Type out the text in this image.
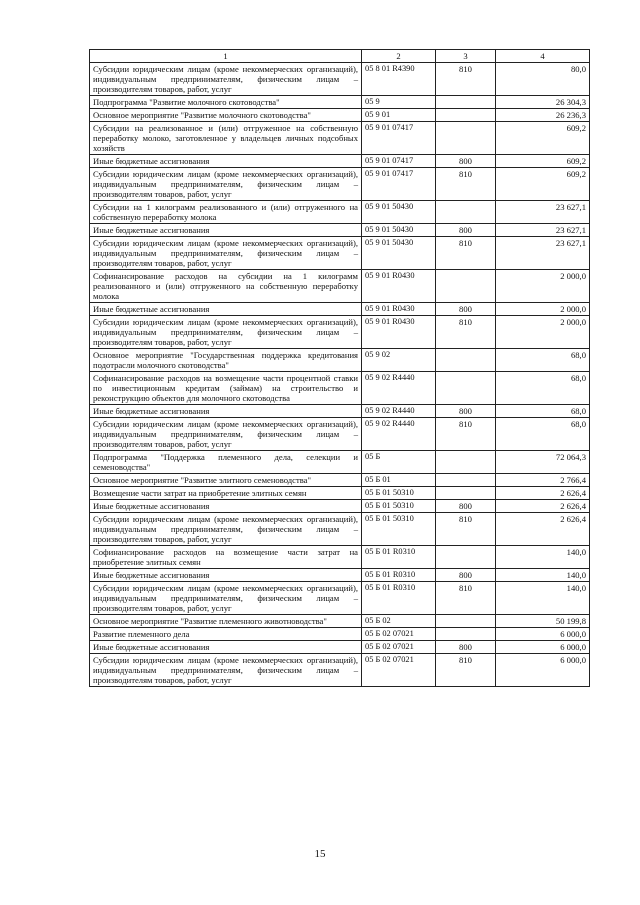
1	2	3	4
Субсидии юридическим лицам (кроме некоммерческих организаций), индивидуальным предпринимателям, физическим лицам – производителям товаров, работ, услуг	05 8 01 R4390	810	80,0
Подпрограмма "Развитие молочного скотоводства"	05 9		26 304,3
Основное мероприятие "Развитие молочного скотоводства"	05 9 01		26 236,3
Субсидии на реализованное и (или) отгруженное на собственную переработку молоко, заготовленное у владельцев личных подсобных хозяйств	05 9 01 07417		609,2
Иные бюджетные ассигнования	05 9 01 07417	800	609,2
Субсидии юридическим лицам (кроме некоммерческих организаций), индивидуальным предпринимателям, физическим лицам – производителям товаров, работ, услуг	05 9 01 07417	810	609,2
Субсидии на 1 килограмм реализованного и (или) отгруженного на собственную переработку молока	05 9 01 50430		23 627,1
Иные бюджетные ассигнования	05 9 01 50430	800	23 627,1
Субсидии юридическим лицам (кроме некоммерческих организаций), индивидуальным предпринимателям, физическим лицам – производителям товаров, работ, услуг	05 9 01 50430	810	23 627,1
Софинансирование расходов на субсидии на 1 килограмм реализованного и (или) отгруженного на собственную переработку молока	05 9 01 R0430		2 000,0
Иные бюджетные ассигнования	05 9 01 R0430	800	2 000,0
Субсидии юридическим лицам (кроме некоммерческих организаций), индивидуальным предпринимателям, физическим лицам – производителям товаров, работ, услуг	05 9 01 R0430	810	2 000,0
Основное мероприятие "Государственная поддержка кредитования подотрасли молочного скотоводства"	05 9 02		68,0
Софинансирование расходов на возмещение части процентной ставки по инвестиционным кредитам (займам) на строительство и реконструкцию объектов для молочного скотоводства	05 9 02 R4440		68,0
Иные бюджетные ассигнования	05 9 02 R4440	800	68,0
Субсидии юридическим лицам (кроме некоммерческих организаций), индивидуальным предпринимателям, физическим лицам – производителям товаров, работ, услуг	05 9 02 R4440	810	68,0
Подпрограмма "Поддержка племенного дела, селекции и семеноводства"	05 Б		72 064,3
Основное мероприятие "Развитие элитного семеноводства"	05 Б 01		2 766,4
Возмещение части затрат на приобретение элитных семян	05 Б 01 50310		2 626,4
Иные бюджетные ассигнования	05 Б 01 50310	800	2 626,4
Субсидии юридическим лицам (кроме некоммерческих организаций), индивидуальным предпринимателям, физическим лицам – производителям товаров, работ, услуг	05 Б 01 50310	810	2 626,4
Софинансирование расходов на возмещение части затрат на приобретение элитных семян	05 Б 01 R0310		140,0
Иные бюджетные ассигнования	05 Б 01 R0310	800	140,0
Субсидии юридическим лицам (кроме некоммерческих организаций), индивидуальным предпринимателям, физическим лицам – производителям товаров, работ, услуг	05 Б 01 R0310	810	140,0
Основное мероприятие "Развитие племенного животноводства"	05 Б 02		50 199,8
Развитие племенного дела	05 Б 02 07021		6 000,0
Иные бюджетные ассигнования	05 Б 02 07021	800	6 000,0
Субсидии юридическим лицам (кроме некоммерческих организаций), индивидуальным предпринимателям, физическим лицам – производителям товаров, работ, услуг	05 Б 02 07021	810	6 000,0
15
